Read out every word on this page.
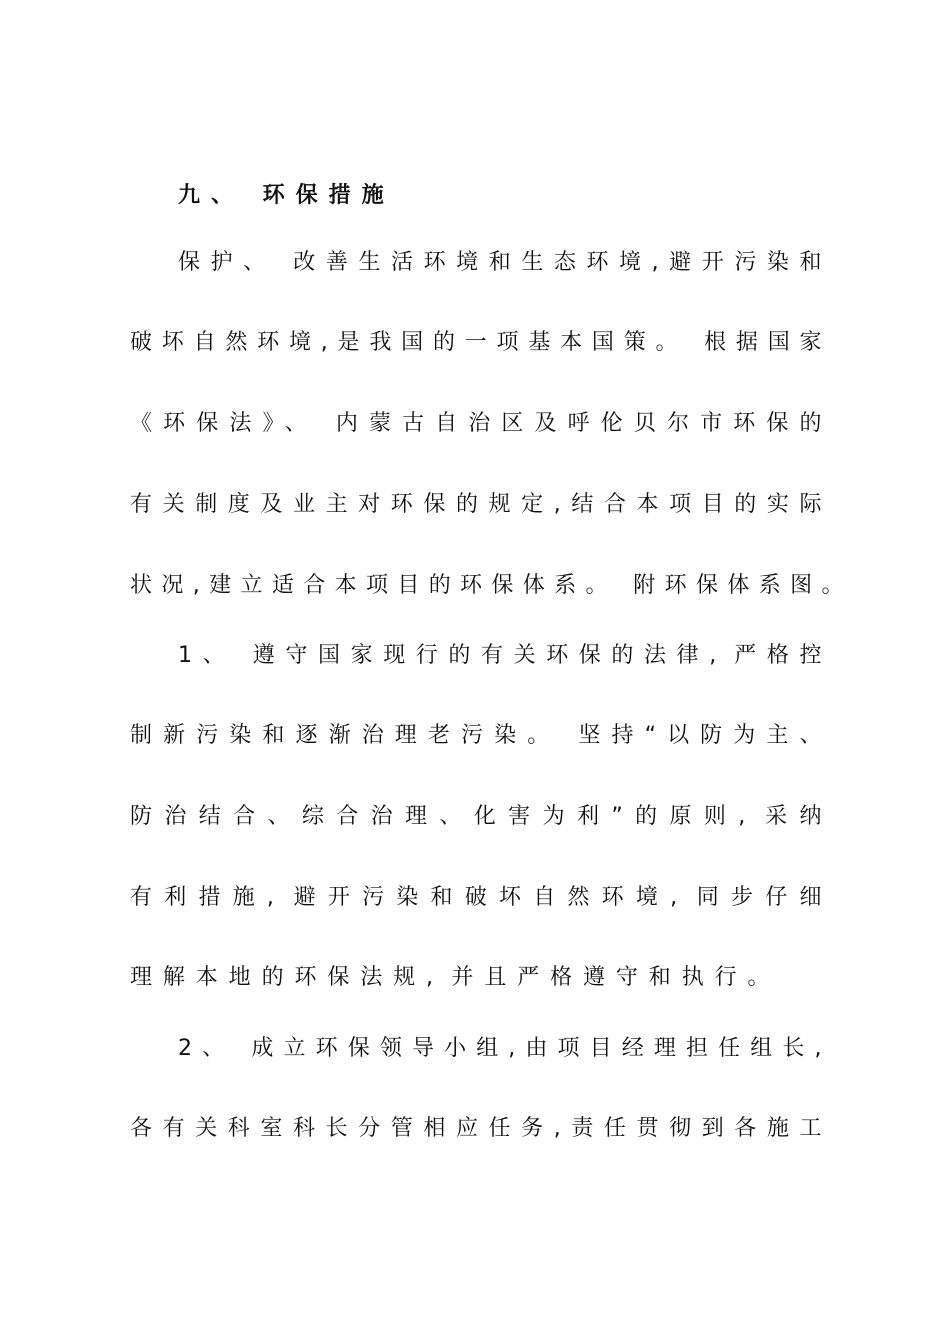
九、 环保措施
保护、 改善生活环境和生态环境,避开污染和
破坏自然环境,是我国的一项基本国策。 根据国家
《环保法》、 内蒙古自治区及呼伦贝尔市环保的
有关制度及业主对环保的规定,结合本项目的实际
状况,建立适合本项目的环保体系。 附环保体系图。
1、 遵守国家现行的有关环保的法律, 严格控
制新污染和逐渐治理老污染。 坚持“以防为主、
防治结合、综合治理、化害为利”的原则, 采纳
有利措施, 避开污染和破坏自然环境, 同步仔细
理解本地的环保法规, 并且严格遵守和执行。
2、 成立环保领导小组,由项目经理担任组长,
各有关科室科长分管相应任务,责任贯彻到各施工
